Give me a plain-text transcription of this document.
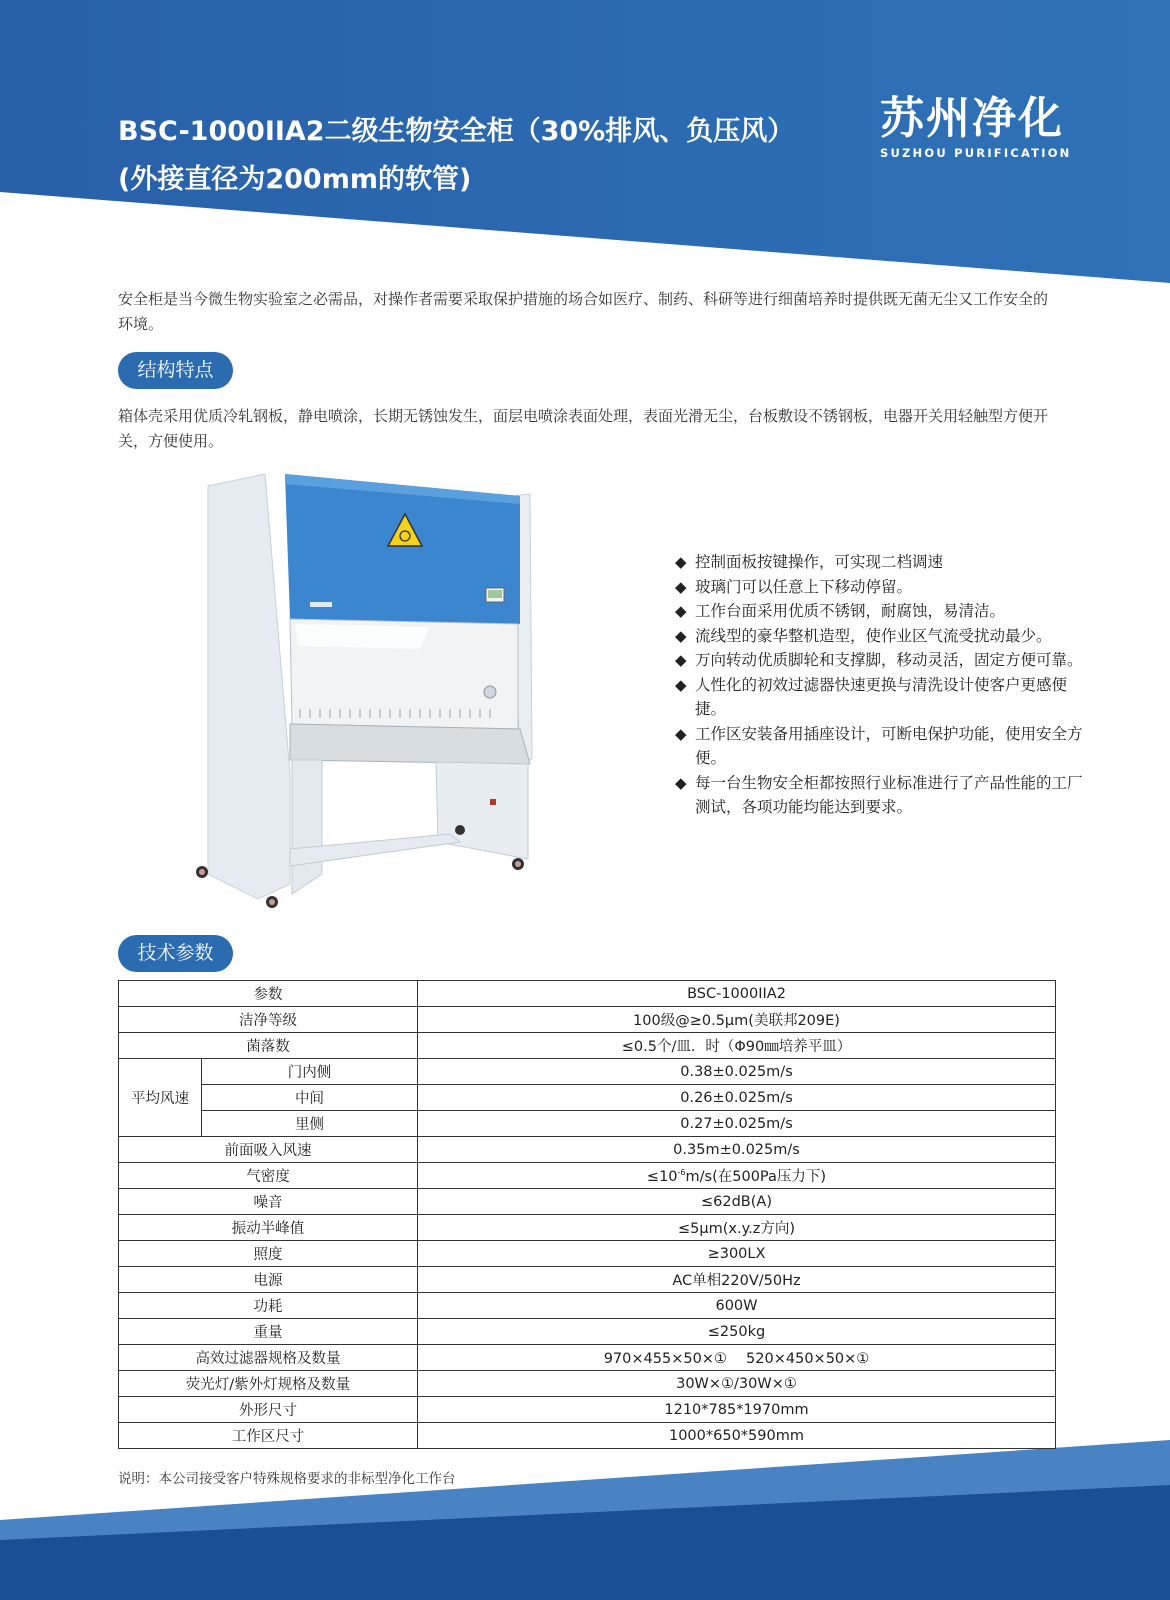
BSC-1000IIA2二级生物安全柜（30%排风、负压风）
(外接直径为200mm的软管)
苏州净化
SUZHOU PURIFICATION
安全柜是当今微生物实验室之必需品，对操作者需要采取保护措施的场合如医疗、制药、科研等进行细菌培养时提供既无菌无尘又工作安全的环境。
结构特点
箱体壳采用优质冷轧钢板，静电喷涂，长期无锈蚀发生，面层电喷涂表面处理，表面光滑无尘，台板敷设不锈钢板，电器开关用轻触型方便开关，方便使用。
◆ 控制面板按键操作，可实现二档调速
◆ 玻璃门可以任意上下移动停留。
◆ 工作台面采用优质不锈钢，耐腐蚀，易清洁。
◆ 流线型的豪华整机造型，使作业区气流受扰动最少。
◆ 万向转动优质脚轮和支撑脚，移动灵活，固定方便可靠。
◆ 人性化的初效过滤器快速更换与清洗设计使客户更感便捷。
◆ 工作区安装备用插座设计，可断电保护功能，使用安全方便。
◆ 每一台生物安全柜都按照行业标准进行了产品性能的工厂测试，各项功能均能达到要求。
技术参数
参数		BSC-1000IIA2
洁净等级		100级@≥0.5μm(美联邦209E)
菌落数		≤0.5个/皿．时（Φ90㎜培养平皿）
平均风速	门内侧	0.38±0.025m/s
	中间	0.26±0.025m/s
	里侧	0.27±0.025m/s
前面吸入风速		0.35m±0.025m/s
气密度		$\le 10^{-6}m/s$(在500Pa压力下)
噪音		≤62dB(A)
振动半峰值		≤5μm(x.y.z方向)
照度		≥300LX
电源		AC单相220V/50Hz
功耗		600W
重量		≤250kg
高效过滤器规格及数量		970×455×50×①　 520×450×50×①
荧光灯/紫外灯规格及数量		30W×①/30W×①
外形尺寸		1210*785*1970mm
工作区尺寸		1000*650*590mm
说明：本公司接受客户特殊规格要求的非标型净化工作台
